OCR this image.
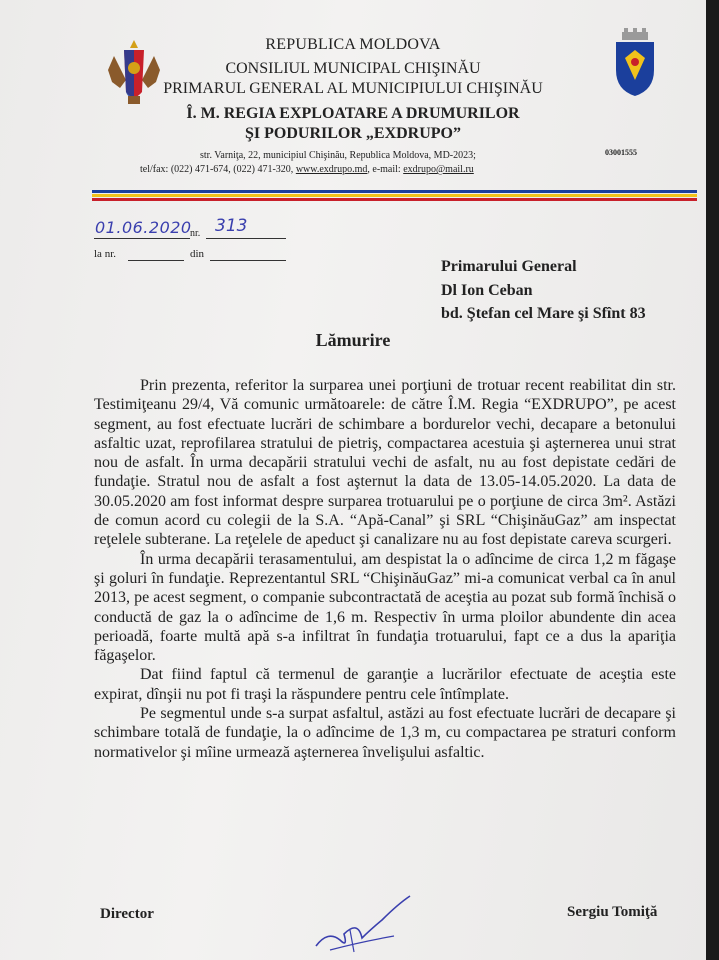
REPUBLICA MOLDOVA
CONSILIUL MUNICIPAL CHIŞINĂU
PRIMARUL GENERAL AL MUNICIPIULUI CHIŞINĂU
Î. M. REGIA EXPLOATARE A DRUMURILOR
ŞI PODURILOR „EXDRUPO”
str. Varniţa, 22, municipiul Chişinău, Republica Moldova, MD-2023;	03001555
tel/fax: (022) 471-674, (022) 471-320, www.exdrupo.md, e-mail: exdrupo@mail.ru
01.06.2020
nr. 313
la nr.	din
Primarului General
Dl Ion Ceban
bd. Ştefan cel Mare şi Sfînt 83
Lămurire

Prin prezenta, referitor la surparea unei porţiuni de trotuar recent reabilitat din str. Testimiţeanu 29/4, Vă comunic următoarele: de către Î.M. Regia “EXDRUPO”, pe acest segment, au fost efectuate lucrări de schimbare a bordurelor vechi, decapare a betonului asfaltic uzat, reprofilarea stratului de pietriş, compactarea acestuia şi aşternerea unui strat nou de asfalt. În urma decapării stratului vechi de asfalt, nu au fost depistate cedări de fundaţie. Stratul nou de asfalt a fost aşternut la data de 13.05-14.05.2020. La data de 30.05.2020 am fost informat despre surparea trotuarului pe o porţiune de circa 3m². Astăzi de comun acord cu colegii de la S.A. “Apă-Canal” şi SRL “ChişinăuGaz” am inspectat reţelele subterane. La reţelele de apeduct şi canalizare nu au fost depistate careva scurgeri.

În urma decapării terasamentului, am despistat la o adîncime de circa 1,2 m făgaşe şi goluri în fundaţie. Reprezentantul SRL “ChişinăuGaz” mi-a comunicat verbal ca în anul 2013, pe acest segment, o companie subcontractată de aceştia au pozat sub formă închisă o conductă de gaz la o adîncime de 1,6 m. Respectiv în urma ploilor abundente din acea perioadă, foarte multă apă s-a infiltrat în fundaţia trotuarului, fapt ce a dus la apariţia făgaşelor.

Dat fiind faptul că termenul de garanţie a lucrărilor efectuate de aceştia este expirat, dînşii nu pot fi traşi la răspundere pentru cele întîmplate.

Pe segmentul unde s-a surpat asfaltul, astăzi au fost efectuate lucrări de decapare şi schimbare totală de fundaţie, la o adîncime de 1,3 m, cu compactarea pe straturi conform normativelor şi mîine urmează aşternerea învelişului asfaltic.

Director	Sergiu Tomiţă
